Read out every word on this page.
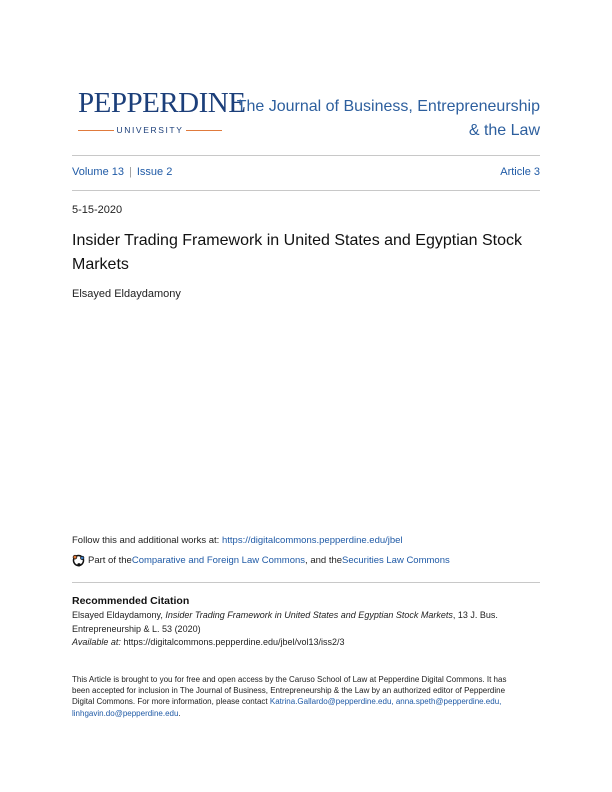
PEPPERDINE
UNIVERSITY
The Journal of Business, Entrepreneurship
& the Law
Volume 13 | Issue 2	Article 3
5-15-2020
Insider Trading Framework in United States and Egyptian Stock Markets
Elsayed Eldaydamony
Follow this and additional works at: https://digitalcommons.pepperdine.edu/jbel
Part of the Comparative and Foreign Law Commons , and the Securities Law Commons
Recommended Citation
Elsayed Eldaydamony, Insider Trading Framework in United States and Egyptian Stock Markets, 13 J. Bus. Entrepreneurship & L. 53 (2020)
Available at: https://digitalcommons.pepperdine.edu/jbel/vol13/iss2/3
This Article is brought to you for free and open access by the Caruso School of Law at Pepperdine Digital Commons. It has been accepted for inclusion in The Journal of Business, Entrepreneurship & the Law by an authorized editor of Pepperdine Digital Commons. For more information, please contact Katrina.Gallardo@pepperdine.edu, anna.speth@pepperdine.edu, linhgavin.do@pepperdine.edu.
